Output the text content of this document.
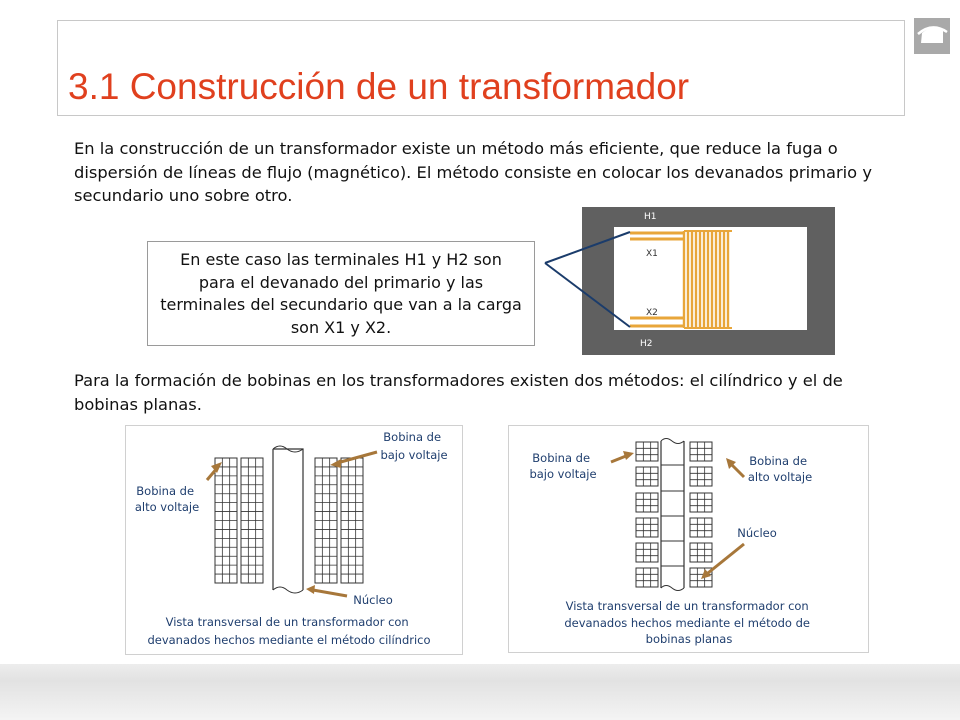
3.1 Construcción de un transformador

En la construcción de un transformador existe un método más eficiente, que reduce la fuga o dispersión de líneas de flujo (magnético). El método consiste en colocar los devanados primario y secundario uno sobre otro.

En este caso las terminales H1 y H2 son para el devanado del primario y las terminales del secundario que van a la carga son X1 y X2.

H1
X1
X2
H2

Para la formación de bobinas en los transformadores existen dos métodos: el cilíndrico y el de bobinas planas.

Bobina de bajo voltaje
Bobina de alto voltaje
Núcleo
Vista transversal de un transformador con devanados hechos mediante el método cilíndrico
Bobina de bajo voltaje
Bobina de alto voltaje
Núcleo
Vista transversal de un transformador con devanados hechos mediante el método de bobinas planas
